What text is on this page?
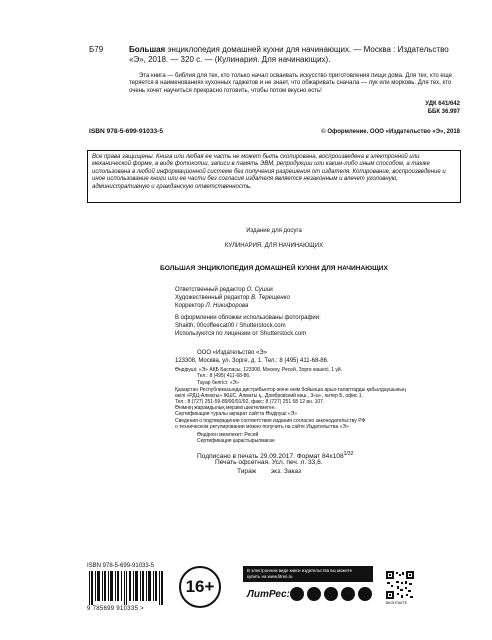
Б79	Большая энциклопедия домашней кухни для начинающих. — Москва : Издательство «Э», 2018. — 320 с. — (Кулинария. Для начинающих).
Эта книга — библия для тех, кто только начал осваивать искусство приготовления пищи дома. Для тех, кто еще теряется в наименованиях кухонных гаджетов и не знает, что обжаривать сначала — лук или морковь. Для тех, кто очень хочет научиться прекрасно готовить, чтобы потом вкусно есть!
УДК 641/642
ББК 36.997
ISBN 978-5-699-91033-5	© Оформление. ООО «Издательство «Э», 2018
Все права защищены. Книга или любая ее часть не может быть скопирована, воспроизведена в электронной или механической форме, в виде фотокопии, записи в память ЭВМ, репродукции или каким-либо иным способом, а также использована в любой информационной системе без получения разрешения от издателя. Копирование, воспроизведение и иное использование книги или ее части без согласия издателя является незаконным и влечет уголовную, административную и гражданскую ответственность.
Издание для досуга
КУЛИНАРИЯ. ДЛЯ НАЧИНАЮЩИХ
БОЛЬШАЯ ЭНЦИКЛОПЕДИЯ ДОМАШНЕЙ КУХНИ ДЛЯ НАЧИНАЮЩИХ
Ответственный редактор О. Сушик
Художественный редактор В. Терещенко
Корректор Л. Никифорова
В оформлении обложки использованы фотографии:
Shaiith, 00coffeecat00 / Shutterstock.com
Используются по лицензии от Shutterstock.com
ООО «Издательство «Э»
123308, Москва, ул. Зорге, д. 1. Тел.: 8 (495) 411-68-86.
Өндіруші: «Э» АҚБ Баспасы, 123308, Мәскеу, Ресей, Зорге көшесі, 1 үй.
Тел.: 8 (495) 411-68-86.
Тауар белгісі: «Э»
Қазақстан Республикасында дистрибьютор және өнім бойынша арыз-талаптарды қабылдаушының
өкілі «РДЦ-Алматы» ЖШС, Алматы қ., Домбровский көш., 3«а», литер Б, офис 1.
Тел.: 8 (727) 251-59-89/90/91/92, факс: 8 (727) 251 58 12 вн. 107.
Өнімнің жарамдылық мерзімі шектелмеген.
Сертификация туралы ақпарат сайтта Өндіруші «Э»
Сведения о подтверждении соответствия издания согласно законодательству РФ
о техническом регулировании можно получить на сайте Издательства «Э»
Өндірген мемлекет: Ресей
Сертификация қарастырылмаған
Подписано в печать 29.09.2017. Формат $84x108^{1/32}$
Печать офсетная. Усл. печ. л. 33,6.
Тираж        экз. Заказ
ISBN 978-5-699-91033-5
9 785699 910335 >
16+
В электронном виде книги издательства вы можете
купить на www.litres.ru
ЛитРес:
ВКОНТАКТЕ
